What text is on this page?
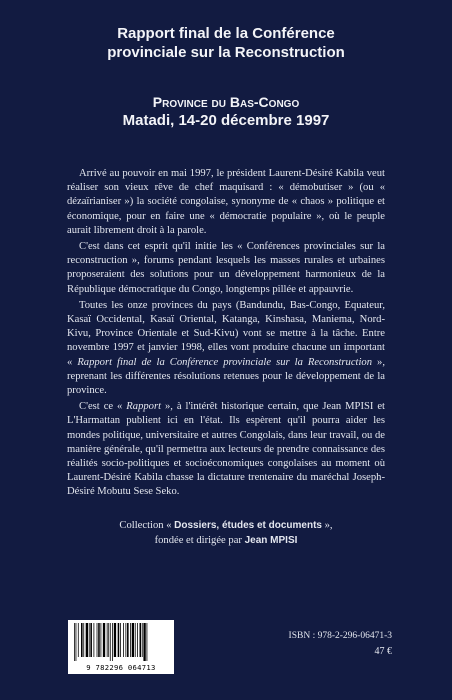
Rapport final de la Conférence
provinciale sur la Reconstruction
Province du Bas-Congo
Matadi, 14-20 décembre 1997

Arrivé au pouvoir en mai 1997, le président Laurent-Désiré Kabila veut réaliser son vieux rêve de chef maquisard : « démobutiser » (ou « dézaïrianiser ») la société congolaise, synonyme de « chaos » politique et économique, pour en faire une « démocratie populaire », où le peuple aurait librement droit à la parole.

C'est dans cet esprit qu'il initie les « Conférences provinciales sur la reconstruction », forums pendant lesquels les masses rurales et urbaines proposeraient des solutions pour un développement harmonieux de la République démocratique du Congo, longtemps pillée et appauvrie.

Toutes les onze provinces du pays (Bandundu, Bas-Congo, Equateur, Kasaï Occidental, Kasaï Oriental, Katanga, Kinshasa, Maniema, Nord-Kivu, Province Orientale et Sud-Kivu) vont se mettre à la tâche. Entre novembre 1997 et janvier 1998, elles vont produire chacune un important « Rapport final de la Conférence provinciale sur la Reconstruction », reprenant les différentes résolutions retenues pour le développement de la province.

C'est ce « Rapport », à l'intérêt historique certain, que Jean MPISI et L'Harmattan publient ici en l'état. Ils espèrent qu'il pourra aider les mondes politique, universitaire et autres Congolais, dans leur travail, ou de manière générale, qu'il permettra aux lecteurs de prendre connaissance des réalités socio-politiques et socioéconomiques congolaises au moment où Laurent-Désiré Kabila chasse la dictature trentenaire du maréchal Joseph-Désiré Mobutu Sese Seko.

Collection « Dossiers, études et documents »,
fondée et dirigée par Jean MPISI
9 782296 064713
ISBN : 978-2-296-06471-3
47 €
